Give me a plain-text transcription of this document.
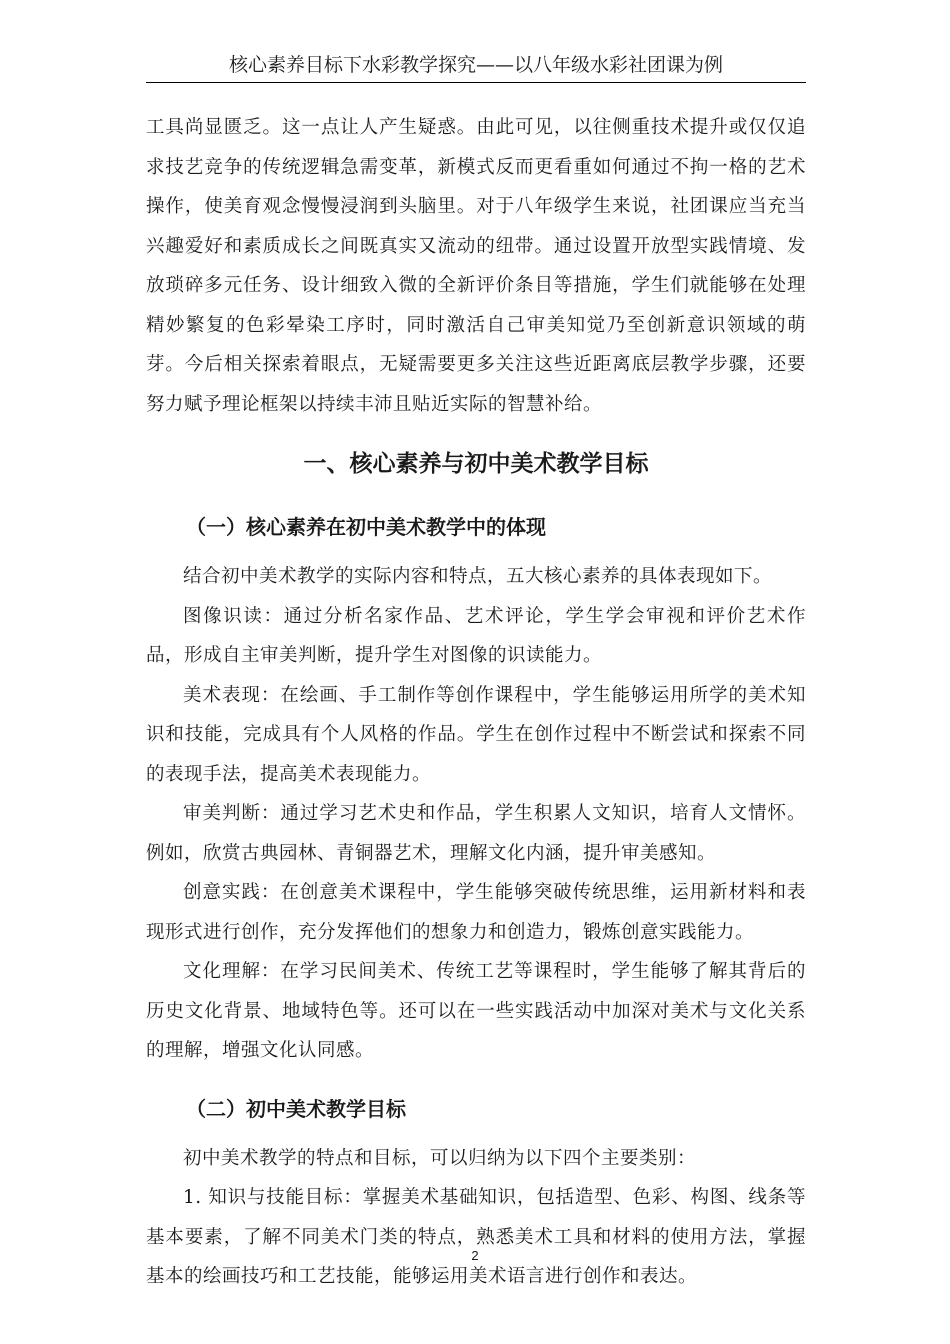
核心素养目标下水彩教学探究——以八年级水彩社团课为例

工具尚显匮乏。这一点让人产生疑惑。由此可见，以往侧重技术提升或仅仅追求技艺竞争的传统逻辑急需变革，新模式反而更看重如何通过不拘一格的艺术操作，使美育观念慢慢浸润到头脑里。对于八年级学生来说，社团课应当充当兴趣爱好和素质成长之间既真实又流动的纽带。通过设置开放型实践情境、发放琐碎多元任务、设计细致入微的全新评价条目等措施，学生们就能够在处理精妙繁复的色彩晕染工序时，同时激活自己审美知觉乃至创新意识领域的萌芽。今后相关探索着眼点，无疑需要更多关注这些近距离底层教学步骤，还要努力赋予理论框架以持续丰沛且贴近实际的智慧补给。

一、核心素养与初中美术教学目标
（一）核心素养在初中美术教学中的体现

结合初中美术教学的实际内容和特点，五大核心素养的具体表现如下。

图像识读：通过分析名家作品、艺术评论，学生学会审视和评价艺术作品，形成自主审美判断，提升学生对图像的识读能力。

美术表现：在绘画、手工制作等创作课程中，学生能够运用所学的美术知识和技能，完成具有个人风格的作品。学生在创作过程中不断尝试和探索不同的表现手法，提高美术表现能力。

审美判断：通过学习艺术史和作品，学生积累人文知识，培育人文情怀。例如，欣赏古典园林、青铜器艺术，理解文化内涵，提升审美感知。

创意实践：在创意美术课程中，学生能够突破传统思维，运用新材料和表现形式进行创作，充分发挥他们的想象力和创造力，锻炼创意实践能力。

文化理解：在学习民间美术、传统工艺等课程时，学生能够了解其背后的历史文化背景、地域特色等。还可以在一些实践活动中加深对美术与文化关系的理解，增强文化认同感。

（二）初中美术教学目标

初中美术教学的特点和目标，可以归纳为以下四个主要类别：

1. 知识与技能目标：掌握美术基础知识，包括造型、色彩、构图、线条等基本要素，了解不同美术门类的特点，熟悉美术工具和材料的使用方法，掌握基本的绘画技巧和工艺技能，能够运用美术语言进行创作和表达。

2
